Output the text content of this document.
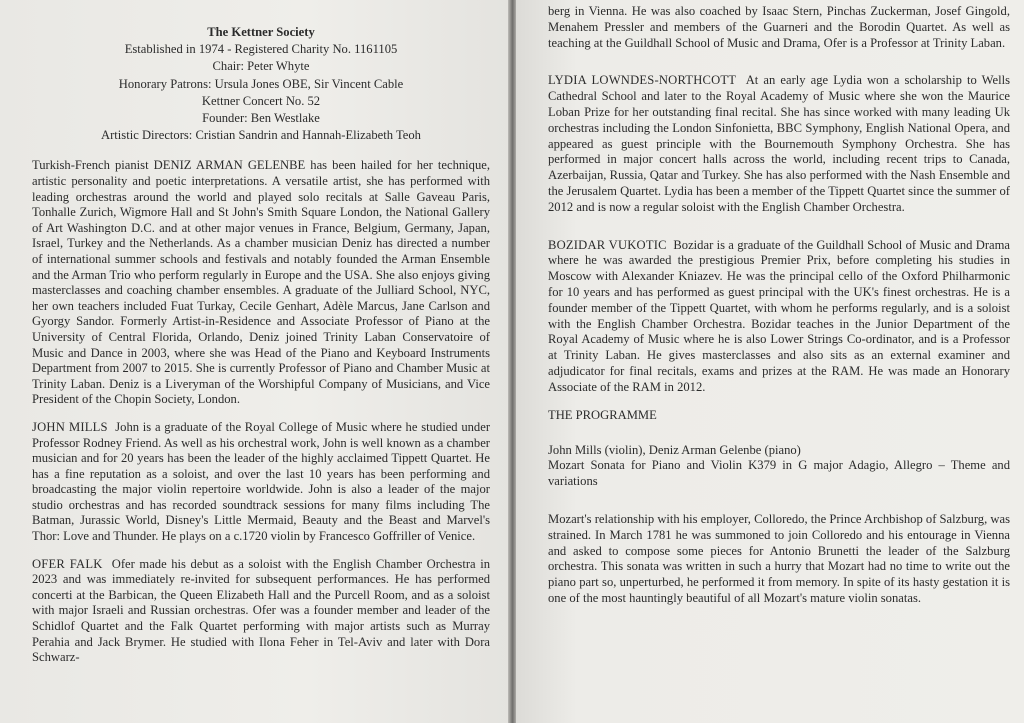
The Kettner Society
Established in 1974 - Registered Charity No. 1161105
Chair: Peter Whyte
Honorary Patrons: Ursula Jones OBE, Sir Vincent Cable
Kettner Concert No. 52
Founder: Ben Westlake
Artistic Directors: Cristian Sandrin and Hannah-Elizabeth Teoh

Turkish-French pianist DENIZ ARMAN GELENBE has been hailed for her technique, artistic personality and poetic interpretations. A versatile artist, she has performed with leading orchestras around the world and played solo recitals at Salle Gaveau Paris, Tonhalle Zurich, Wigmore Hall and St John's Smith Square London, the National Gallery of Art Washington D.C. and at other major venues in France, Belgium, Germany, Japan, Israel, Turkey and the Netherlands. As a chamber musician Deniz has directed a number of international summer schools and festivals and notably founded the Arman Ensemble and the Arman Trio who perform regularly in Europe and the USA. She also enjoys giving masterclasses and coaching chamber ensembles. A graduate of the Julliard School, NYC, her own teachers included Fuat Turkay, Cecile Genhart, Adèle Marcus, Jane Carlson and Gyorgy Sandor. Formerly Artist-in-Residence and Associate Professor of Piano at the University of Central Florida, Orlando, Deniz joined Trinity Laban Conservatoire of Music and Dance in 2003, where she was Head of the Piano and Keyboard Instruments Department from 2007 to 2015. She is currently Professor of Piano and Chamber Music at Trinity Laban. Deniz is a Liveryman of the Worshipful Company of Musicians, and Vice President of the Chopin Society, London.

JOHN MILLS John is a graduate of the Royal College of Music where he studied under Professor Rodney Friend. As well as his orchestral work, John is well known as a chamber musician and for 20 years has been the leader of the highly acclaimed Tippett Quartet. He has a fine reputation as a soloist, and over the last 10 years has been performing and broadcasting the major violin repertoire worldwide. John is also a leader of the major studio orchestras and has recorded soundtrack sessions for many films including The Batman, Jurassic World, Disney's Little Mermaid, Beauty and the Beast and Marvel's Thor: Love and Thunder. He plays on a c.1720 violin by Francesco Goffriller of Venice.

OFER FALK Ofer made his debut as a soloist with the English Chamber Orchestra in 2023 and was immediately re-invited for subsequent performances. He has performed concerti at the Barbican, the Queen Elizabeth Hall and the Purcell Room, and as a soloist with major Israeli and Russian orchestras. Ofer was a founder member and leader of the Schidlof Quartet and the Falk Quartet performing with major artists such as Murray Perahia and Jack Brymer. He studied with Ilona Feher in Tel-Aviv and later with Dora Schwarz-

berg in Vienna. He was also coached by Isaac Stern, Pinchas Zuckerman, Josef Gingold, Menahem Pressler and members of the Guarneri and the Borodin Quartet. As well as teaching at the Guildhall School of Music and Drama, Ofer is a Professor at Trinity Laban.

LYDIA LOWNDES-NORTHCOTT At an early age Lydia won a scholarship to Wells Cathedral School and later to the Royal Academy of Music where she won the Maurice Loban Prize for her outstanding final recital. She has since worked with many leading Uk orchestras including the London Sinfonietta, BBC Symphony, English National Opera, and appeared as guest principle with the Bournemouth Symphony Orchestra. She has performed in major concert halls across the world, including recent trips to Canada, Azerbaijan, Russia, Qatar and Turkey. She has also performed with the Nash Ensemble and the Jerusalem Quartet. Lydia has been a member of the Tippett Quartet since the summer of 2012 and is now a regular soloist with the English Chamber Orchestra.

BOZIDAR VUKOTIC Bozidar is a graduate of the Guildhall School of Music and Drama where he was awarded the prestigious Premier Prix, before completing his studies in Moscow with Alexander Kniazev. He was the principal cello of the Oxford Philharmonic for 10 years and has performed as guest principal with the UK's finest orchestras. He is a founder member of the Tippett Quartet, with whom he performs regularly, and is a soloist with the English Chamber Orchestra. Bozidar teaches in the Junior Department of the Royal Academy of Music where he is also Lower Strings Co-ordinator, and is a Professor at Trinity Laban. He gives masterclasses and also sits as an external examiner and adjudicator for final recitals, exams and prizes at the RAM. He was made an Honorary Associate of the RAM in 2012.

THE PROGRAMME

John Mills (violin), Deniz Arman Gelenbe (piano)

Mozart Sonata for Piano and Violin K379 in G major Adagio, Allegro – Theme and variations

Mozart's relationship with his employer, Colloredo, the Prince Archbishop of Salzburg, was strained. In March 1781 he was summoned to join Colloredo and his entourage in Vienna and asked to compose some pieces for Antonio Brunetti the leader of the Salzburg orchestra. This sonata was written in such a hurry that Mozart had no time to write out the piano part so, unperturbed, he performed it from memory. In spite of its hasty gestation it is one of the most hauntingly beautiful of all Mozart's mature violin sonatas.
